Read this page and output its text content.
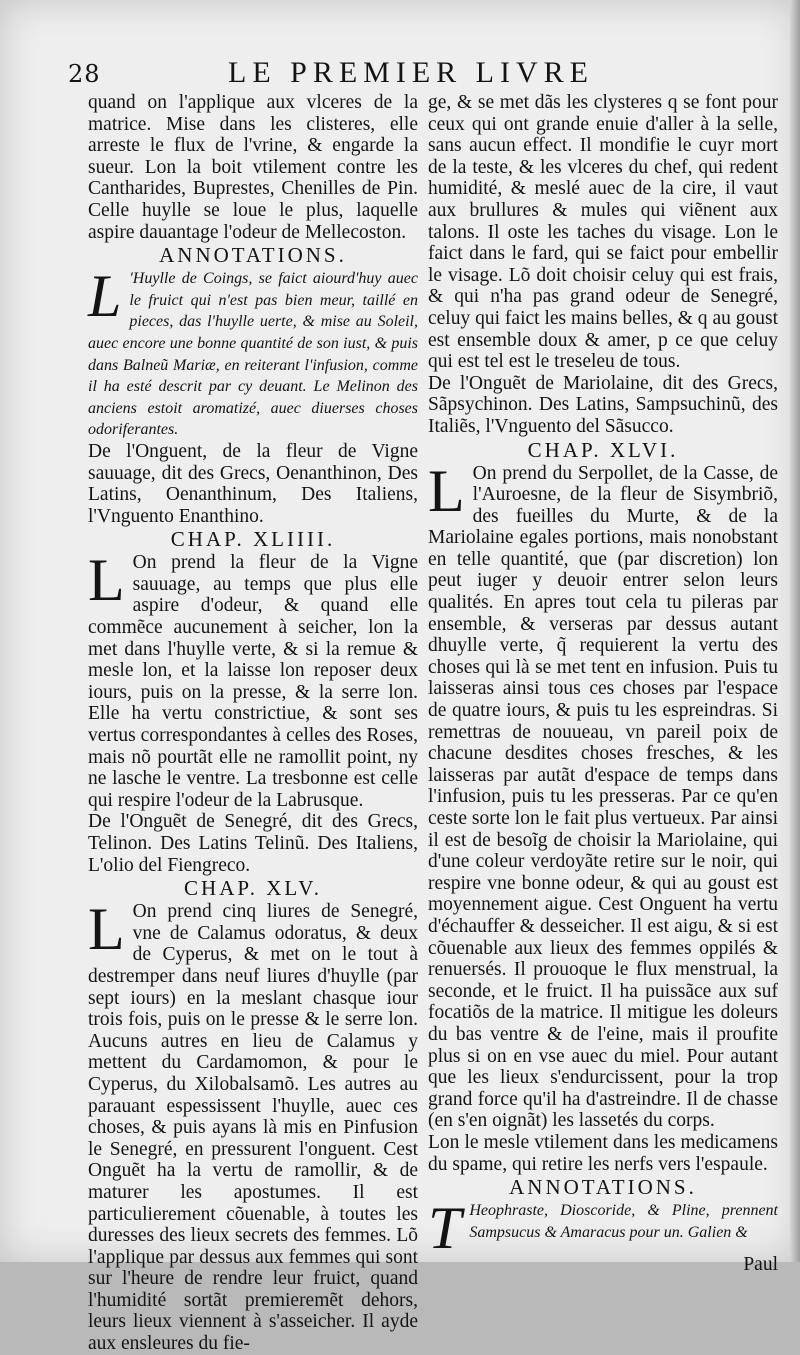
28	LE PREMIER LIVRE

quand on l'applique aux vlceres de la matrice. Mise dans les clisteres, elle arreste le flux de l'vrine, & engarde la sueur. Lon la boit vtilement contre les Cantharides, Buprestes, Chenilles de Pin. Celle huylle se loue le plus, laquelle aspire dauantage l'odeur de Mellecoston.

ANNOTATIONS.

L 'Huylle de Coings, se faict aiourd'huy auec le fruict qui n'est pas bien meur, taillé en pieces, das l'huylle uerte, & mise au Soleil, auec encore une bonne quantité de son iust, & puis dans Balneũ Mariæ, en reiterant l'infusion, comme il ha esté descrit par cy deuant. Le Melinon des anciens estoit aromatizé, auec diuerses choses odoriferantes.

De l'Onguent, de la fleur de Vigne sauuage, dit des Grecs, Oenanthinon, Des Latins, Oenanthinum, Des Italiens, l'Vnguento Enanthino.

CHAP. XLIIII.

L On prend la fleur de la Vigne sauuage, au temps que plus elle aspire d'odeur, & quand elle commẽce aucunement à seicher, lon la met dans l'huylle verte, & si la remue & mesle lon, et la laisse lon reposer deux iours, puis on la presse, & la serre lon. Elle ha vertu constrictiue, & sont ses vertus correspondantes à celles des Roses, mais nõ pourtãt elle ne ramollit point, ny ne lasche le ventre. La tresbonne est celle qui respire l'odeur de la Labrusque.

De l'Onguẽt de Senegré, dit des Grecs, Telinon. Des Latins Telinũ. Des Italiens, L'olio del Fiengreco.

CHAP. XLV.

L On prend cinq liures de Senegré, vne de Calamus odoratus, & deux de Cyperus, & met on le tout à destremper dans neuf liures d'huylle (par sept iours) en la meslant chasque iour trois fois, puis on le presse & le serre lon. Aucuns autres en lieu de Calamus y mettent du Cardamomon, & pour le Cyperus, du Xilobalsamõ. Les autres au parauant espessissent l'huylle, auec ces choses, & puis ayans là mis en Pinfusion le Senegré, en pressurent l'onguent. Cest Onguẽt ha la vertu de ramollir, & de maturer les apostumes. Il est particulierement cõuenable, à toutes les duresses des lieux secrets des femmes. Lõ l'applique par dessus aux femmes qui sont sur l'heure de rendre leur fruict, quand l'humidité sortãt premieremẽt dehors, leurs lieux viennent à s'asseicher. Il ayde aux ensleures du fie-

ge, & se met dãs les clysteres q se font pour ceux qui ont grande enuie d'aller à la selle, sans aucun effect. Il mondifie le cuyr mort de la teste, & les vlceres du chef, qui redent humidité, & meslé auec de la cire, il vaut aux brullures & mules qui viẽnent aux talons. Il oste les taches du visage. Lon le faict dans le fard, qui se faict pour embellir le visage. Lõ doit choisir celuy qui est frais, & qui n'ha pas grand odeur de Senegré, celuy qui faict les mains belles, & q au goust est ensemble doux & amer, p ce que celuy qui est tel est le treseleu de tous.

De l'Onguẽt de Mariolaine, dit des Grecs, Sãpsychinon. Des Latins, Sampsuchinũ, des Italiẽs, l'Vnguento del Sãsucco.

CHAP. XLVI.

L On prend du Serpollet, de la Casse, de l'Auroesne, de la fleur de Sisymbriõ, des fueilles du Murte, & de la Mariolaine egales portions, mais nonobstant en telle quantité, que (par discretion) lon peut iuger y deuoir entrer selon leurs qualités. En apres tout cela tu pileras par ensemble, & verseras par dessus autant dhuylle verte, q̃ requierent la vertu des choses qui là se met tent en infusion. Puis tu laisseras ainsi tous ces choses par l'espace de quatre iours, & puis tu les espreindras. Si remettras de nouueau, vn pareil poix de chacune desdites choses fresches, & les laisseras par autãt d'espace de temps dans l'infusion, puis tu les presseras. Par ce qu'en ceste sorte lon le fait plus vertueux. Par ainsi il est de besoĩg de choisir la Mariolaine, qui d'une coleur verdoyãte retire sur le noir, qui respire vne bonne odeur, & qui au goust est moyennement aigue. Cest Onguent ha vertu d'échauffer & desseicher. Il est aigu, & si est cõuenable aux lieux des femmes oppilés & renuersés. Il prouoque le flux menstrual, la seconde, et le fruict. Il ha puissãce aux suf focatiõs de la matrice. Il mitigue les doleurs du bas ventre & de l'eine, mais il proufite plus si on en vse auec du miel. Pour autant que les lieux s'endurcissent, pour la trop grand force qu'il ha d'astreindre. Il de chasse (en s'en oignãt) les lassetés du corps.

Lon le mesle vtilement dans les medicamens du spame, qui retire les nerfs vers l'espaule.

ANNOTATIONS.

T Heophraste, Dioscoride, & Pline, prennent Sampsucus & Amaracus pour un. Galien &

Paul
